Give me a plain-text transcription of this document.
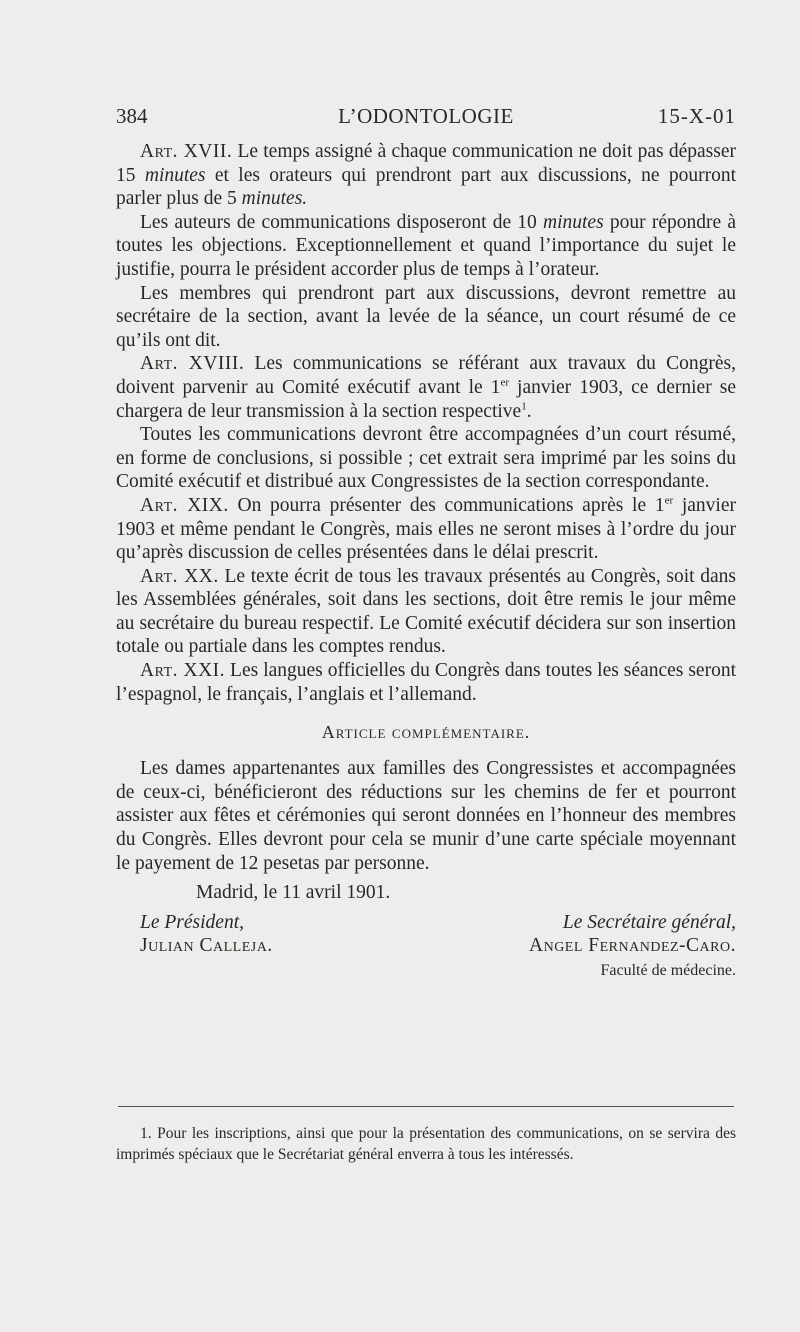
384	L’ODONTOLOGIE	15-X-01

Art. XVII. Le temps assigné à chaque communication ne doit pas dépasser 15 minutes et les orateurs qui prendront part aux discussions, ne pourront parler plus de 5 minutes.

Les auteurs de communications disposeront de 10 minutes pour répondre à toutes les objections. Exceptionnellement et quand l’importance du sujet le justifie, pourra le président accorder plus de temps à l’orateur.

Les membres qui prendront part aux discussions, devront remettre au secrétaire de la section, avant la levée de la séance, un court résumé de ce qu’ils ont dit.

Art. XVIII. Les communications se référant aux travaux du Congrès, doivent parvenir au Comité exécutif avant le 1er janvier 1903, ce dernier se chargera de leur transmission à la section respective$^1$.

Toutes les communications devront être accompagnées d’un court résumé, en forme de conclusions, si possible ; cet extrait sera imprimé par les soins du Comité exécutif et distribué aux Congressistes de la section correspondante.

Art. XIX. On pourra présenter des communications après le 1er janvier 1903 et même pendant le Congrès, mais elles ne seront mises à l’ordre du jour qu’après discussion de celles présentées dans le délai prescrit.

Art. XX. Le texte écrit de tous les travaux présentés au Congrès, soit dans les Assemblées générales, soit dans les sections, doit être remis le jour même au secrétaire du bureau respectif. Le Comité exécutif décidera sur son insertion totale ou partiale dans les comptes rendus.

Art. XXI. Les langues officielles du Congrès dans toutes les séances seront l’espagnol, le français, l’anglais et l’allemand.

Article complémentaire.

Les dames appartenantes aux familles des Congressistes et accompagnées de ceux-ci, bénéficieront des réductions sur les chemins de fer et pourront assister aux fêtes et cérémonies qui seront données en l’honneur des membres du Congrès. Elles devront pour cela se munir d’une carte spéciale moyennant le payement de 12 pesetas par personne.

Madrid, le 11 avril 1901.

Le Président,
Julian Calleja.
Le Secrétaire général,
Angel Fernandez-Caro.
Faculté de médecine.

1. Pour les inscriptions, ainsi que pour la présentation des communications, on se servira des imprimés spéciaux que le Secrétariat général enverra à tous les intéressés.
